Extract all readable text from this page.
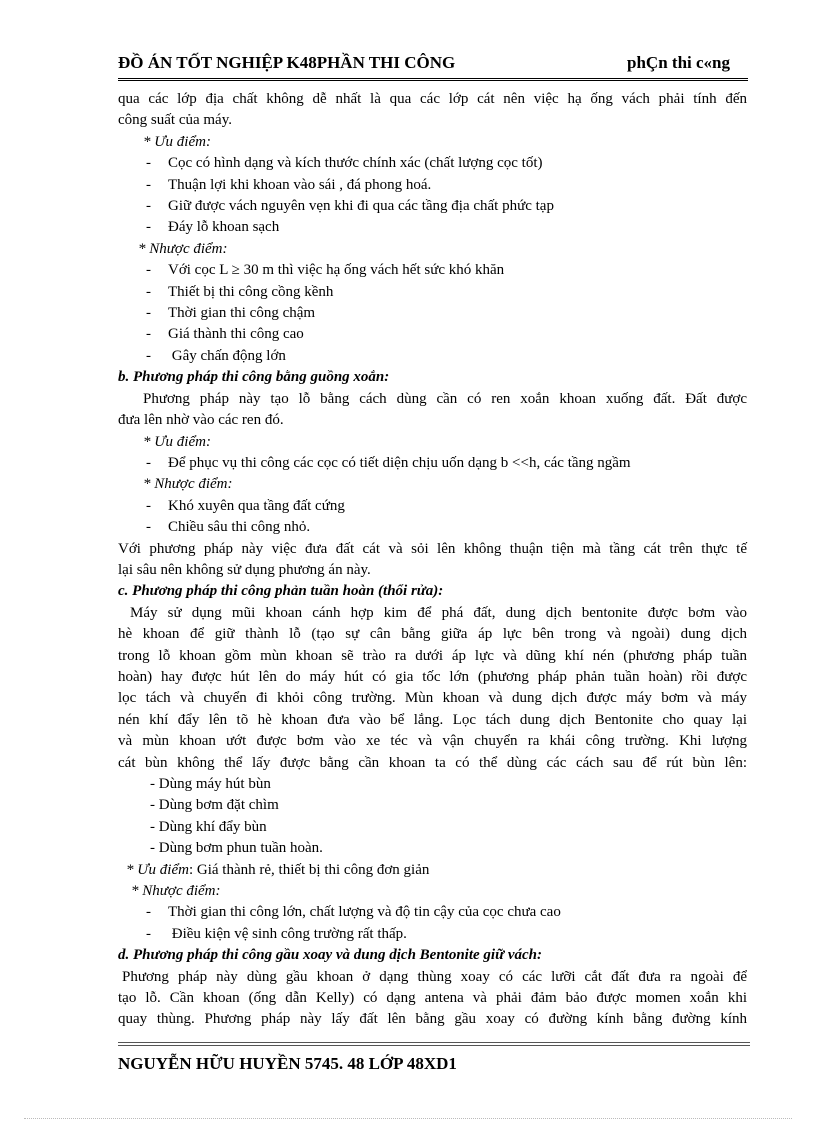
ĐỒ ÁN TỐT NGHIỆP K48PHẦN THI CÔNG	phÇn thi c«ng

qua các lớp địa chất không dễ nhất là qua các lớp cát nên việc hạ ống vách phải tính đến

công suất của máy.

* Ưu điểm:

- Cọc có hình dạng và kích thước chính xác (chất lượng cọc tốt)

- Thuận lợi khi khoan vào sái , đá phong hoá.

- Giữ được vách nguyên vẹn khi đi qua các tầng địa chất phức tạp

- Đáy lỗ khoan sạch

* Nhược điểm:

- Với cọc L ≥ 30 m thì việc hạ ống vách hết sức khó khăn

- Thiết bị thi công cồng kềnh

- Thời gian thi công chậm

- Giá thành thi công cao

- Gây chấn động lớn

b. Phương pháp thi công bằng guồng xoắn:

Phương pháp này tạo lỗ bằng cách dùng cần có ren xoắn khoan xuống đất. Đất được

đưa lên nhờ vào các ren đó.

* Ưu điểm:

- Để phục vụ thi công các cọc có tiết diện chịu uốn dạng b <<h, các tầng ngầm

* Nhược điểm:

- Khó xuyên qua tầng đất cứng

- Chiều sâu thi công nhỏ.

Với phương pháp này việc đưa đất cát và sỏi lên không thuận tiện mà tầng cát trên thực tế

lại sâu nên không sử dụng phương án này.

c. Phương pháp thi công phản tuần hoàn (thổi rửa):

Máy sử dụng mũi khoan cánh hợp kim để phá đất, dung dịch bentonite được bơm vào

hè khoan để giữ thành lỗ (tạo sự cân bằng giữa áp lực bên trong và ngoài) dung dịch

trong lỗ khoan gồm mùn khoan sẽ trào ra dưới áp lực và dũng khí nén (phương pháp tuần

hoàn) hay được hút lên do máy hút có gia tốc lớn (phương pháp phản tuần hoàn) rồi được

lọc tách và chuyển đi khỏi công trường. Mùn khoan và dung dịch được máy bơm và máy

nén khí đẩy lên tõ hè khoan đưa vào bể lắng. Lọc tách dung dịch Bentonite cho quay lại

và mùn khoan ướt được bơm vào xe téc và vận chuyển ra khái công trường. Khi lượng

cát bùn không thể lấy được bằng cần khoan ta có thể dùng các cách sau để rút bùn lên:

- Dùng máy hút bùn

- Dùng bơm đặt chìm

- Dùng khí đẩy bùn

- Dùng bơm phun tuần hoàn.

* Ưu điểm: Giá thành rẻ, thiết bị thi công đơn giản

* Nhược điểm:

- Thời gian thi công lớn, chất lượng và độ tin cậy của cọc chưa cao

- Điều kiện vệ sinh công trường rất thấp.

d. Phương pháp thi công gầu xoay và dung dịch Bentonite giữ vách:

Phương pháp này dùng gầu khoan ở dạng thùng xoay có các lưỡi cắt đất đưa ra ngoài để

tạo lỗ. Cần khoan (ống dẫn Kelly) có dạng antena và phải đảm bảo được momen xoắn khi

quay thùng. Phương pháp này lấy đất lên bằng gầu xoay có đường kính bằng đường kính

NGUYỄN HỮU HUYỀN 5745. 48 LỚP 48XD1
